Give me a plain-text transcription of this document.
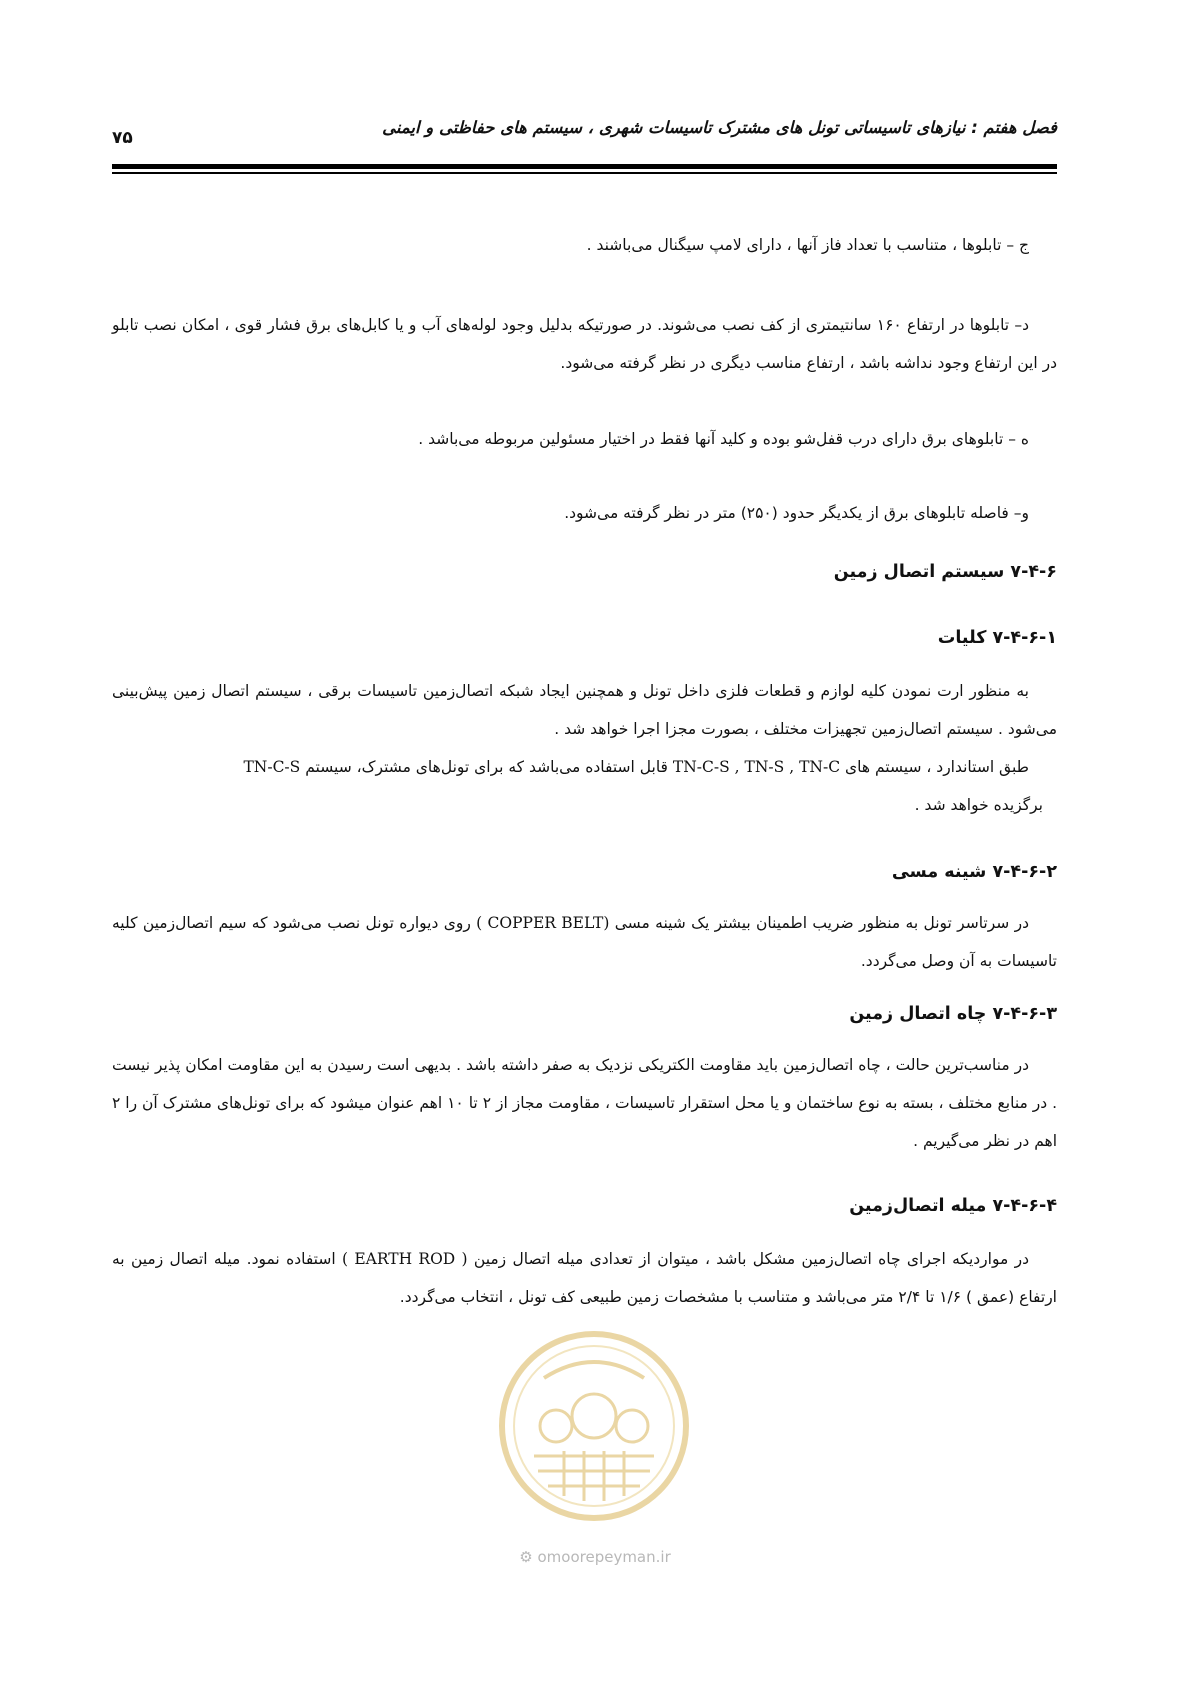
فصل هفتم : نیازهای تاسیساتی تونل های مشترک تاسیسات شهری ، سیستم های حفاظتی و ایمنی
۷۵

ج – تابلوها ، متناسب با تعداد فاز آنها ، دارای لامپ سیگنال می‌باشند .

د– تابلوها در ارتفاع ۱۶۰ سانتیمتری از کف نصب می‌شوند. در صورتیکه بدلیل وجود لوله‌های آب و یا کابل‌های برق فشار قوی ، امکان نصب تابلو در این ارتفاع وجود نداشه باشد ، ارتفاع مناسب دیگری در نظر گرفته می‌شود.

ه – تابلوهای برق دارای درب قفل‌شو بوده و کلید آنها فقط در اختیار مسئولین مربوطه می‌باشد .

و– فاصله تابلوهای برق از یکدیگر حدود (۲۵۰) متر در نظر گرفته می‌شود.

۷-۴-۶ سیستم اتصال زمین
۷-۴-۶-۱ کلیات

به منظور ارت نمودن کلیه لوازم و قطعات فلزی داخل تونل و همچنین ایجاد شبکه اتصال‌زمین تاسیسات برقی ، سیستم اتصال زمین پیش‌بینی می‌شود . سیستم اتصال‌زمین تجهیزات مختلف ، بصورت مجزا اجرا خواهد شد .

طبق استاندارد ، سیستم های TN-C-S , TN-S , TN-C قابل استفاده می‌باشد که برای تونل‌های مشترک، سیستم TN-C-S
برگزیده خواهد شد .

۷-۴-۶-۲ شینه مسی

در سرتاسر تونل به منظور ضریب اطمینان بیشتر یک شینه مسی ( COPPER BELT) روی دیواره تونل نصب می‌شود که سیم اتصال‌زمین کلیه تاسیسات به آن وصل می‌گردد.

۷-۴-۶-۳ چاه اتصال زمین

در مناسب‌ترین حالت ، چاه اتصال‌زمین باید مقاومت الکتریکی نزدیک به صفر داشته باشد . بدیهی است رسیدن به این مقاومت امکان پذیر نیست . در منابع مختلف ، بسته به نوع ساختمان و یا محل استقرار تاسیسات ، مقاومت مجاز از ۲ تا ۱۰ اهم عنوان میشود که برای تونل‌های مشترک آن را ۲ اهم در نظر می‌گیریم .

۷-۴-۶-۴ میله اتصال‌زمین

در مواردیکه اجرای چاه اتصال‌زمین مشکل باشد ، میتوان از تعدادی میله اتصال زمین ( EARTH ROD ) استفاده نمود. میله اتصال زمین به ارتفاع (عمق ) ۱/۶ تا ۲/۴ متر می‌باشد و متناسب با مشخصات زمین طبیعی کف تونل ، انتخاب می‌گردد.

⚙ omoorepeyman.ir
